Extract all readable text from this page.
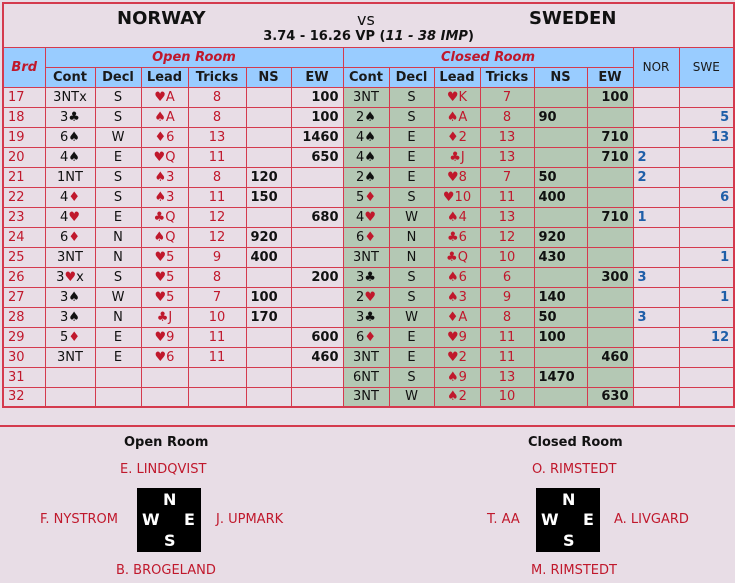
NORWAY vs SWEDEN
3.74 - 16.26 VP (11 - 38 IMP)														

Brd	Open Room						Closed Room						NOR	SWE
	Cont	Decl	Lead	Tricks	NS	EW	Cont	Decl	Lead	Tricks	NS	EW		
17	3NTx	S	♥A	8		100	3NT	S	♥K	7		100		
18	3♣	S	♠A	8		100	2♠	S	♠A	8	90			5
19	6♠	W	♦6	13		1460	4♠	E	♦2	13		710		13
20	4♠	E	♥Q	11		650	4♠	E	♣J	13		710	2	
21	1NT	S	♠3	8	120		2♠	E	♥8	7	50		2	
22	4♦	S	♠3	11	150		5♦	S	♥10	11	400			6
23	4♥	E	♣Q	12		680	4♥	W	♠4	13		710	1	
24	6♦	N	♠Q	12	920		6♦	N	♣6	12	920			
25	3NT	N	♥5	9	400		3NT	N	♣Q	10	430			1
26	3♥x	S	♥5	8		200	3♣	S	♠6	6		300	3	
27	3♠	W	♥5	7	100		2♥	S	♠3	9	140			1
28	3♠	N	♣J	10	170		3♣	W	♦A	8	50		3	
29	5♦	E	♥9	11		600	6♦	E	♥9	11	100			12
30	3NT	E	♥6	11		460	3NT	E	♥2	11		460		
31							6NT	S	♠9	13	1470			
32							3NT	W	♠2	10		630		
Open Room
E. LINDQVIST
F. NYSTROM	J. UPMARK
B. BROGELAND
N
S
W E
Closed Room
O. RIMSTEDT
T. AA	A. LIVGARD
M. RIMSTEDT
N
S
W E
